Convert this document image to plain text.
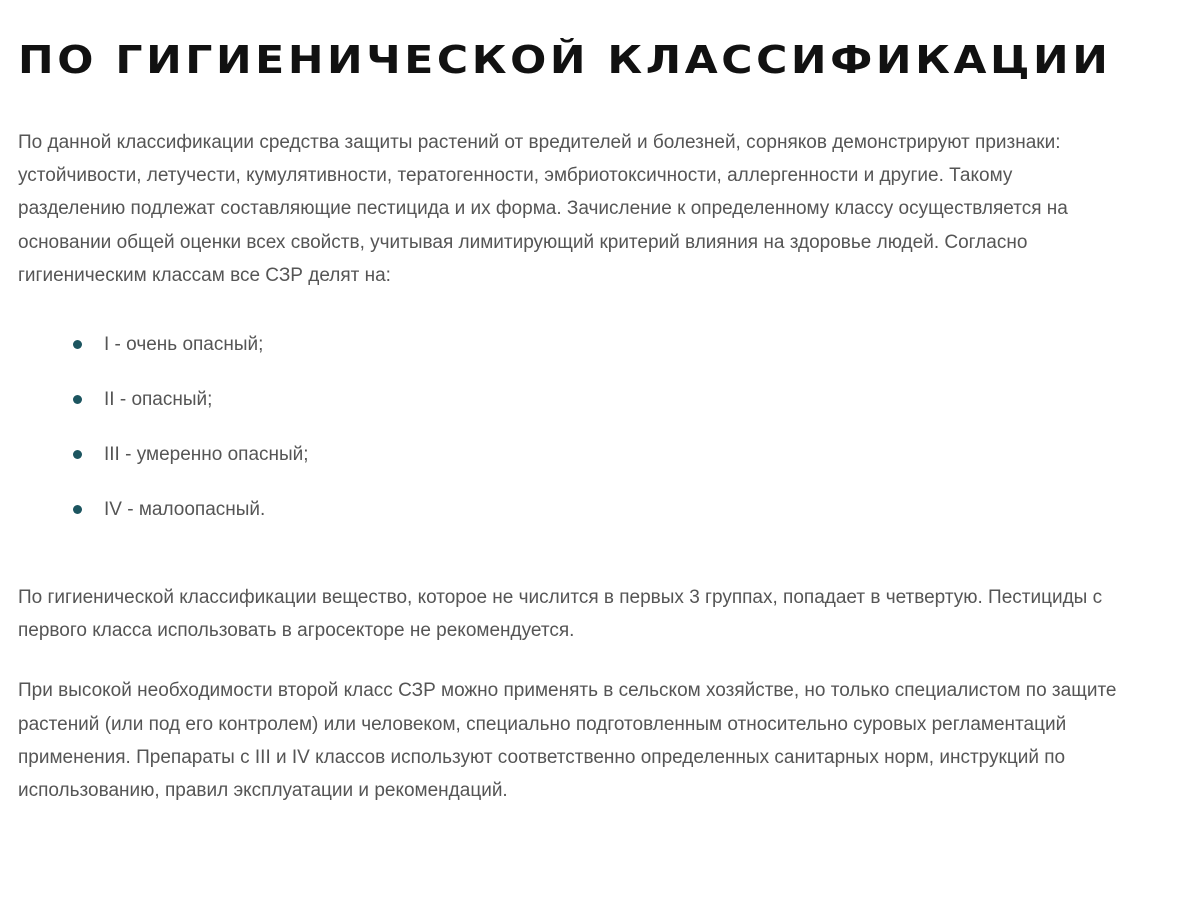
ПО ГИГИЕНИЧЕСКОЙ КЛАССИФИКАЦИИ

По данной классификации средства защиты растений от вредителей и болезней, сорняков демонстрируют признаки: устойчивости, летучести, кумулятивности, тератогенности, эмбриотоксичности, аллергенности и другие. Такому разделению подлежат составляющие пестицида и их форма. Зачисление к определенному классу осуществляется на основании общей оценки всех свойств, учитывая лимитирующий критерий влияния на здоровье людей. Согласно гигиеническим классам все СЗР делят на:

I - очень опасный;
II - опасный;
III - умеренно опасный;
IV - малоопасный.

По гигиенической классификации вещество, которое не числится в первых 3 группах, попадает в четвертую. Пестициды с первого класса использовать в агросекторе не рекомендуется.

При высокой необходимости второй класс СЗР можно применять в сельском хозяйстве, но только специалистом по защите растений (или под его контролем) или человеком, специально подготовленным относительно суровых регламентаций применения. Препараты с III и IV классов используют соответственно определенных санитарных норм, инструкций по использованию, правил эксплуатации и рекомендаций.
